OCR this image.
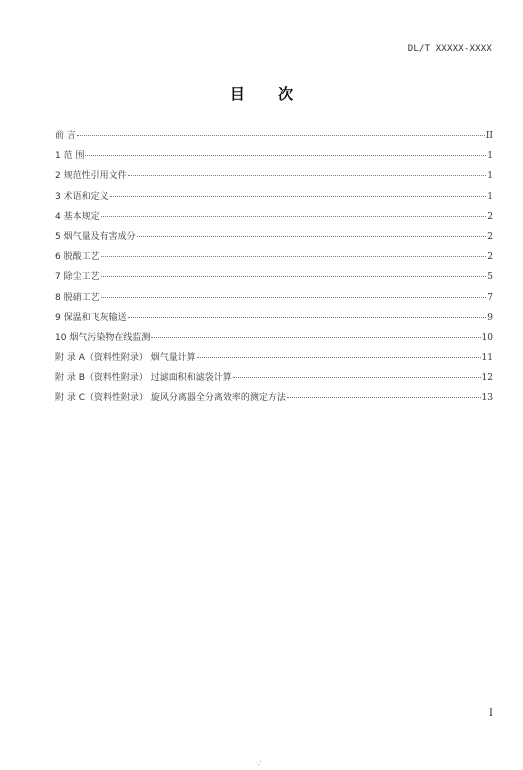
DL/T XXXXX-XXXX
目 次
前 言	II
1 范 围	1
2 规范性引用文件	1
3 术语和定义	1
4 基本规定	2
5 烟气量及有害成分	2
6 脱酸工艺	2
7 除尘工艺	5
8 脱硝工艺	7
9 保温和飞灰输送	9
10 烟气污染物在线监测	10
附 录 A（资料性附录） 烟气量计算	11
附 录 B（资料性附录） 过滤面积和滤袋计算	12
附 录 C（资料性附录） 旋风分离器全分离效率的测定方法	13
I
·,'
